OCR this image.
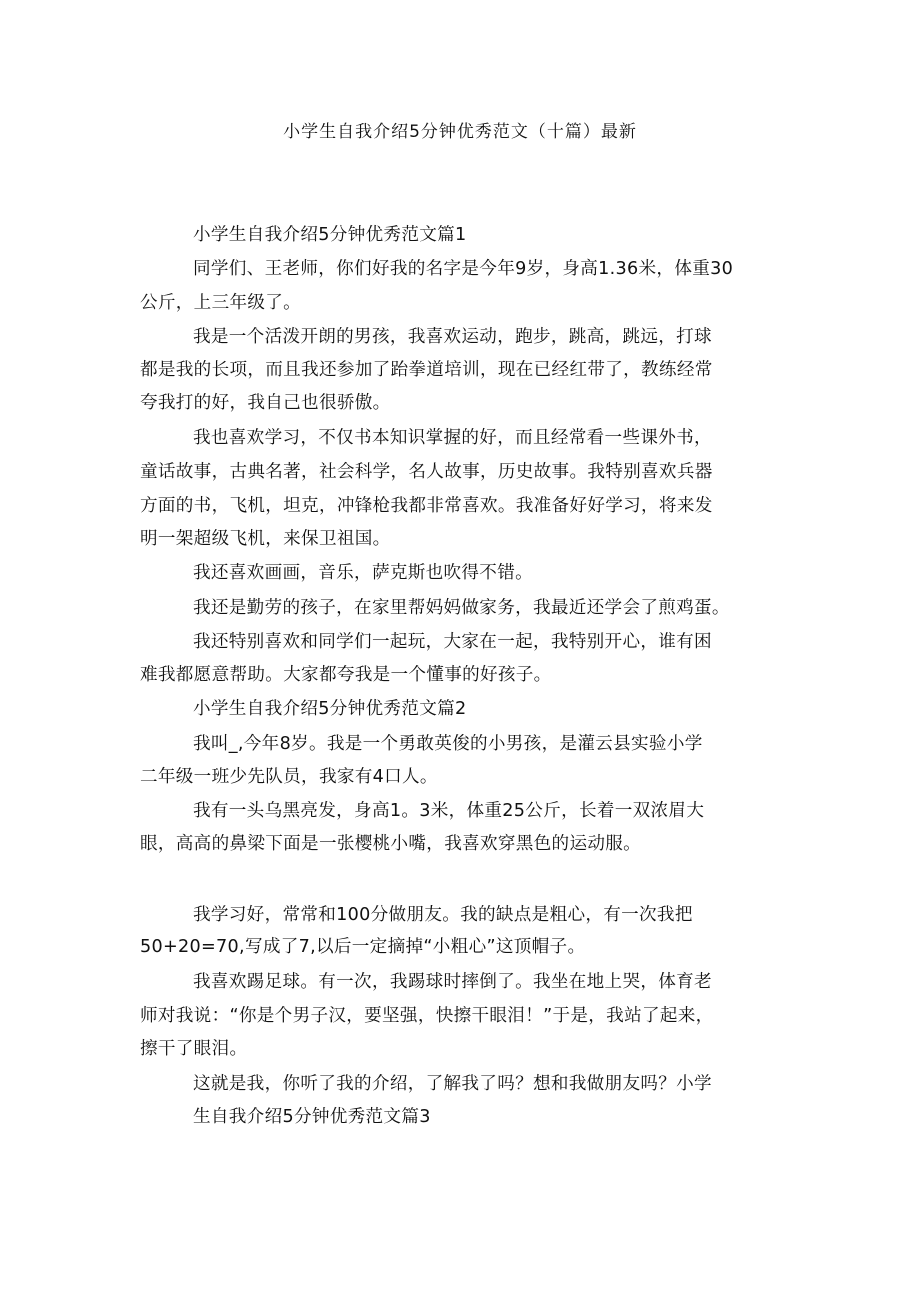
小学生自我介绍5分钟优秀范文（十篇）最新
小学生自我介绍5分钟优秀范文篇1
同学们、王老师，你们好我的名字是今年9岁，身高1.36米，体重30
公斤，上三年级了。
我是一个活泼开朗的男孩，我喜欢运动，跑步，跳高，跳远，打球
都是我的长项，而且我还参加了跆拳道培训，现在已经红带了，教练经常
夸我打的好，我自己也很骄傲。
我也喜欢学习，不仅书本知识掌握的好，而且经常看一些课外书，
童话故事，古典名著，社会科学，名人故事，历史故事。我特别喜欢兵器
方面的书，飞机，坦克，冲锋枪我都非常喜欢。我准备好好学习，将来发
明一架超级飞机，来保卫祖国。
我还喜欢画画，音乐，萨克斯也吹得不错。
我还是勤劳的孩子，在家里帮妈妈做家务，我最近还学会了煎鸡蛋。
我还特别喜欢和同学们一起玩，大家在一起，我特别开心，谁有困
难我都愿意帮助。大家都夸我是一个懂事的好孩子。
小学生自我介绍5分钟优秀范文篇2
我叫_,今年8岁。我是一个勇敢英俊的小男孩，是灌云县实验小学
二年级一班少先队员，我家有4口人。
我有一头乌黑亮发，身高1。3米，体重25公斤，长着一双浓眉大
眼，高高的鼻梁下面是一张樱桃小嘴，我喜欢穿黑色的运动服。
我学习好，常常和100分做朋友。我的缺点是粗心，有一次我把
50+20=70,写成了7,以后一定摘掉“小粗心”这顶帽子。
我喜欢踢足球。有一次，我踢球时摔倒了。我坐在地上哭，体育老
师对我说：“你是个男子汉，要坚强，快擦干眼泪！”于是，我站了起来，
擦干了眼泪。
这就是我，你听了我的介绍，了解我了吗？想和我做朋友吗？小学
生自我介绍5分钟优秀范文篇3
